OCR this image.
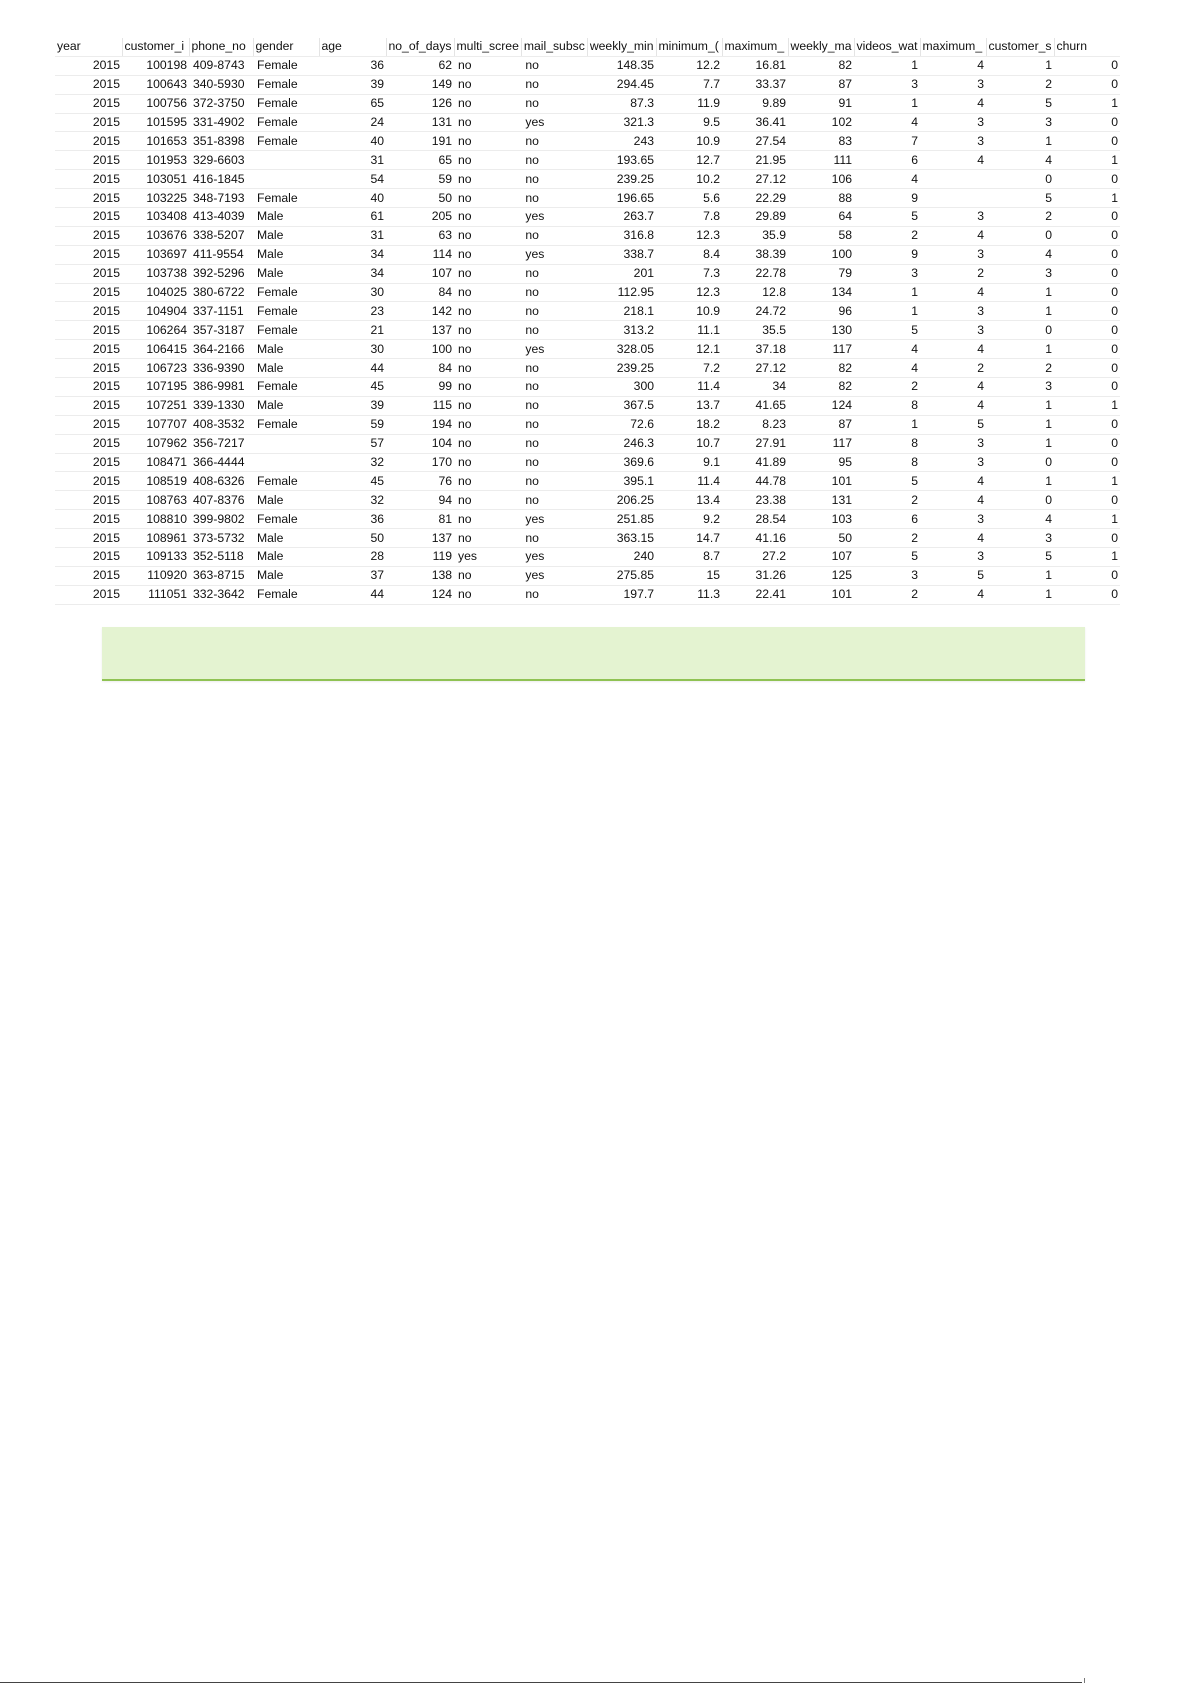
year	customer_i	phone_no	gender	age	no_of_days	multi_scree	mail_subsc	weekly_min	minimum_(	maximum_	weekly_ma	videos_wat	maximum_	customer_s	churn
2015	100198	409-8743	Female	36	62	no	no	148.35	12.2	16.81	82	1	4	1	0
2015	100643	340-5930	Female	39	149	no	no	294.45	7.7	33.37	87	3	3	2	0
2015	100756	372-3750	Female	65	126	no	no	87.3	11.9	9.89	91	1	4	5	1
2015	101595	331-4902	Female	24	131	no	yes	321.3	9.5	36.41	102	4	3	3	0
2015	101653	351-8398	Female	40	191	no	no	243	10.9	27.54	83	7	3	1	0
2015	101953	329-6603		31	65	no	no	193.65	12.7	21.95	111	6	4	4	1
2015	103051	416-1845		54	59	no	no	239.25	10.2	27.12	106	4		0	0
2015	103225	348-7193	Female	40	50	no	no	196.65	5.6	22.29	88	9		5	1
2015	103408	413-4039	Male	61	205	no	yes	263.7	7.8	29.89	64	5	3	2	0
2015	103676	338-5207	Male	31	63	no	no	316.8	12.3	35.9	58	2	4	0	0
2015	103697	411-9554	Male	34	114	no	yes	338.7	8.4	38.39	100	9	3	4	0
2015	103738	392-5296	Male	34	107	no	no	201	7.3	22.78	79	3	2	3	0
2015	104025	380-6722	Female	30	84	no	no	112.95	12.3	12.8	134	1	4	1	0
2015	104904	337-1151	Female	23	142	no	no	218.1	10.9	24.72	96	1	3	1	0
2015	106264	357-3187	Female	21	137	no	no	313.2	11.1	35.5	130	5	3	0	0
2015	106415	364-2166	Male	30	100	no	yes	328.05	12.1	37.18	117	4	4	1	0
2015	106723	336-9390	Male	44	84	no	no	239.25	7.2	27.12	82	4	2	2	0
2015	107195	386-9981	Female	45	99	no	no	300	11.4	34	82	2	4	3	0
2015	107251	339-1330	Male	39	115	no	no	367.5	13.7	41.65	124	8	4	1	1
2015	107707	408-3532	Female	59	194	no	no	72.6	18.2	8.23	87	1	5	1	0
2015	107962	356-7217		57	104	no	no	246.3	10.7	27.91	117	8	3	1	0
2015	108471	366-4444		32	170	no	no	369.6	9.1	41.89	95	8	3	0	0
2015	108519	408-6326	Female	45	76	no	no	395.1	11.4	44.78	101	5	4	1	1
2015	108763	407-8376	Male	32	94	no	no	206.25	13.4	23.38	131	2	4	0	0
2015	108810	399-9802	Female	36	81	no	yes	251.85	9.2	28.54	103	6	3	4	1
2015	108961	373-5732	Male	50	137	no	no	363.15	14.7	41.16	50	2	4	3	0
2015	109133	352-5118	Male	28	119	yes	yes	240	8.7	27.2	107	5	3	5	1
2015	110920	363-8715	Male	37	138	no	yes	275.85	15	31.26	125	3	5	1	0
2015	111051	332-3642	Female	44	124	no	no	197.7	11.3	22.41	101	2	4	1	0
